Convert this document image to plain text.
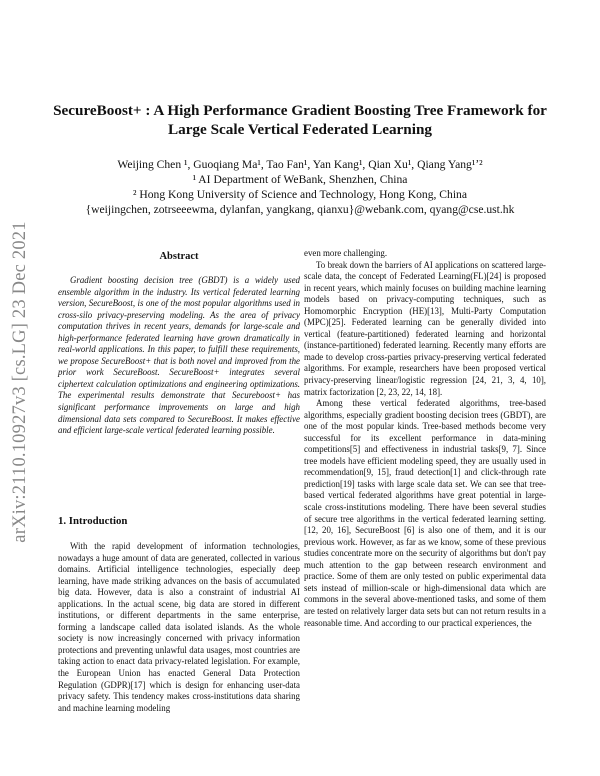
arXiv:2110.10927v3 [cs.LG] 23 Dec 2021
SecureBoost+ : A High Performance Gradient Boosting Tree Framework for Large Scale Vertical Federated Learning
Weijing Chen ¹, Guoqiang Ma¹, Tao Fan¹, Yan Kang¹, Qian Xu¹, Qiang Yang¹ʼ²
¹ AI Department of WeBank, Shenzhen, China
² Hong Kong University of Science and Technology, Hong Kong, China
{weijingchen, zotrseeewma, dylanfan, yangkang, qianxu}@webank.com, qyang@cse.ust.hk
Abstract

Gradient boosting decision tree (GBDT) is a widely used ensemble algorithm in the industry. Its vertical federated learning version, SecureBoost, is one of the most popular algorithms used in cross-silo privacy-preserving modeling. As the area of privacy computation thrives in recent years, demands for large-scale and high-performance federated learning have grown dramatically in real-world applications. In this paper, to fulfill these requirements, we propose SecureBoost+ that is both novel and improved from the prior work SecureBoost. SecureBoost+ integrates several ciphertext calculation optimizations and engineering optimizations. The experimental results demonstrate that Secureboost+ has significant performance improvements on large and high dimensional data sets compared to SecureBoost. It makes effective and efficient large-scale vertical federated learning possible.

1. Introduction

With the rapid development of information technologies, nowadays a huge amount of data are generated, collected in various domains. Artificial intelligence technologies, especially deep learning, have made striking advances on the basis of accumulated big data. However, data is also a constraint of industrial AI applications. In the actual scene, big data are stored in different institutions, or different departments in the same enterprise, forming a landscape called data isolated islands. As the whole society is now increasingly concerned with privacy information protections and preventing unlawful data usages, most countries are taking action to enact data privacy-related legislation. For example, the European Union has enacted General Data Protection Regulation (GDPR)[17] which is design for enhancing user-data privacy safety. This tendency makes cross-institutions data sharing and machine learning modeling

even more challenging.

To break down the barriers of AI applications on scattered large-scale data, the concept of Federated Learning(FL)[24] is proposed in recent years, which mainly focuses on building machine learning models based on privacy-computing techniques, such as Homomorphic Encryption (HE)[13], Multi-Party Computation (MPC)[25]. Federated learning can be generally divided into vertical (feature-partitioned) federated learning and horizontal (instance-partitioned) federated learning. Recently many efforts are made to develop cross-parties privacy-preserving vertical federated algorithms. For example, researchers have been proposed vertical privacy-preserving linear/logistic regression [24, 21, 3, 4, 10], matrix factorization [2, 23, 22, 14, 18].

Among these vertical federated algorithms, tree-based algorithms, especially gradient boosting decision trees (GBDT), are one of the most popular kinds. Tree-based methods become very successful for its excellent performance in data-mining competitions[5] and effectiveness in industrial tasks[9, 7]. Since tree models have efficient modeling speed, they are usually used in recommendation[9, 15], fraud detection[1] and click-through rate prediction[19] tasks with large scale data set. We can see that tree-based vertical federated algorithms have great potential in large-scale cross-institutions modeling. There have been several studies of secure tree algorithms in the vertical federated learning setting.[12, 20, 16], SecureBoost [6] is also one of them, and it is our previous work. However, as far as we know, some of these previous studies concentrate more on the security of algorithms but don't pay much attention to the gap between research environment and practice. Some of them are only tested on public experimental data sets instead of million-scale or high-dimensional data which are commons in the several above-mentioned tasks, and some of them are tested on relatively larger data sets but can not return results in a reasonable time. And according to our practical experiences, the
